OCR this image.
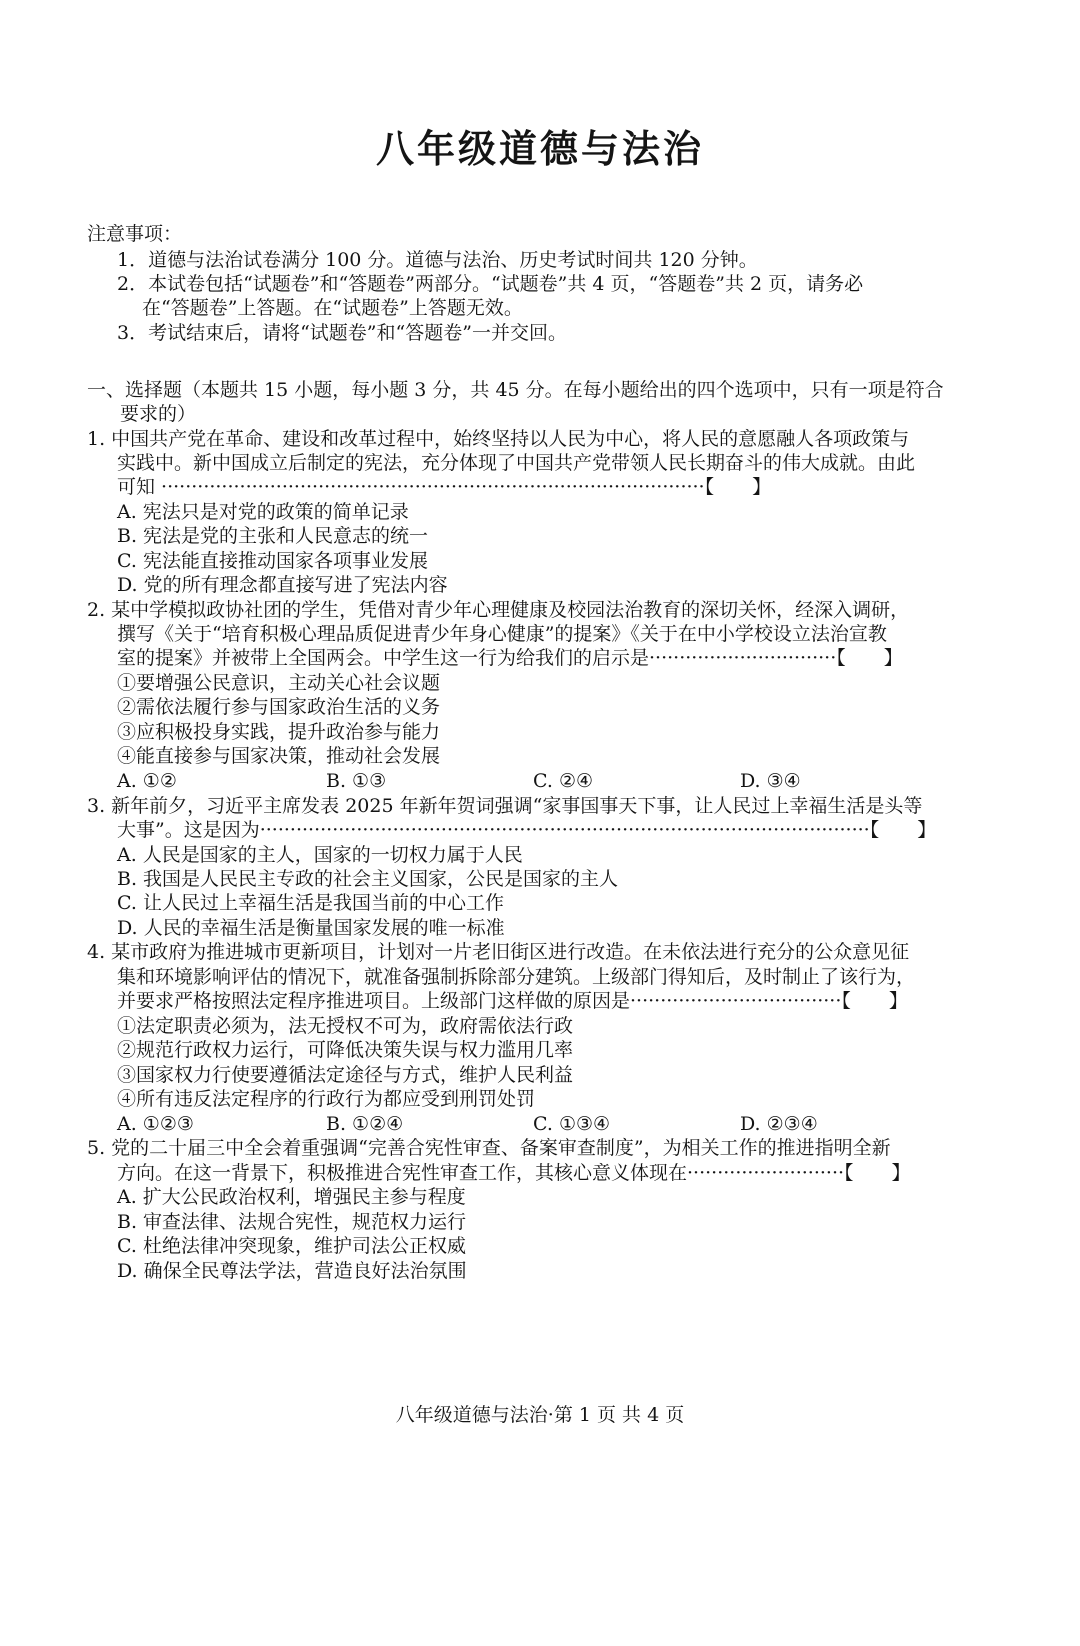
八年级道德与法治
注意事项：
1．道德与法治试卷满分 100 分。道德与法治、历史考试时间共 120 分钟。
2．本试卷包括“试题卷”和“答题卷”两部分。“试题卷”共 4 页，“答题卷”共 2 页，请务必
在“答题卷”上答题。在“试题卷”上答题无效。
3．考试结束后，请将“试题卷”和“答题卷”一并交回。
一、选择题（本题共 15 小题，每小题 3 分，共 45 分。在每小题给出的四个选项中，只有一项是符合
要求的）
1. 中国共产党在革命、建设和改革过程中，始终坚持以人民为中心，将人民的意愿融人各项政策与
实践中。新中国成立后制定的宪法，充分体现了中国共产党带领人民长期奋斗的伟大成就。由此
可知 ··························································································【　　】
A. 宪法只是对党的政策的简单记录
B. 宪法是党的主张和人民意志的统一
C. 宪法能直接推动国家各项事业发展
D. 党的所有理念都直接写进了宪法内容
2. 某中学模拟政协社团的学生，凭借对青少年心理健康及校园法治教育的深切关怀，经深入调研，
撰写《关于“培育积极心理品质促进青少年身心健康”的提案》《关于在中小学校设立法治宣教
室的提案》并被带上全国两会。中学生这一行为给我们的启示是·······························【　　】
①要增强公民意识，主动关心社会议题
②需依法履行参与国家政治生活的义务
③应积极投身实践，提升政治参与能力
④能直接参与国家决策，推动社会发展
A. ①②	B. ①③	C. ②④	D. ③④
3. 新年前夕，习近平主席发表 2025 年新年贺词强调“家事国事天下事，让人民过上幸福生活是头等
大事”。这是因为·····································································································【　　】
A. 人民是国家的主人，国家的一切权力属于人民
B. 我国是人民民主专政的社会主义国家，公民是国家的主人
C. 让人民过上幸福生活是我国当前的中心工作
D. 人民的幸福生活是衡量国家发展的唯一标准
4. 某市政府为推进城市更新项目，计划对一片老旧街区进行改造。在未依法进行充分的公众意见征
集和环境影响评估的情况下，就准备强制拆除部分建筑。上级部门得知后，及时制止了该行为，
并要求严格按照法定程序推进项目。上级部门这样做的原因是···································【　　】
①法定职责必须为，法无授权不可为，政府需依法行政
②规范行政权力运行，可降低决策失误与权力滥用几率
③国家权力行使要遵循法定途径与方式，维护人民利益
④所有违反法定程序的行政行为都应受到刑罚处罚
A. ①②③	B. ①②④	C. ①③④	D. ②③④
5. 党的二十届三中全会着重强调“完善合宪性审查、备案审查制度”，为相关工作的推进指明全新
方向。在这一背景下，积极推进合宪性审查工作，其核心意义体现在··························【　　】
A. 扩大公民政治权利，增强民主参与程度
B. 审查法律、法规合宪性，规范权力运行
C. 杜绝法律冲突现象，维护司法公正权威
D. 确保全民尊法学法，营造良好法治氛围
八年级道德与法治·第 1 页 共 4 页
